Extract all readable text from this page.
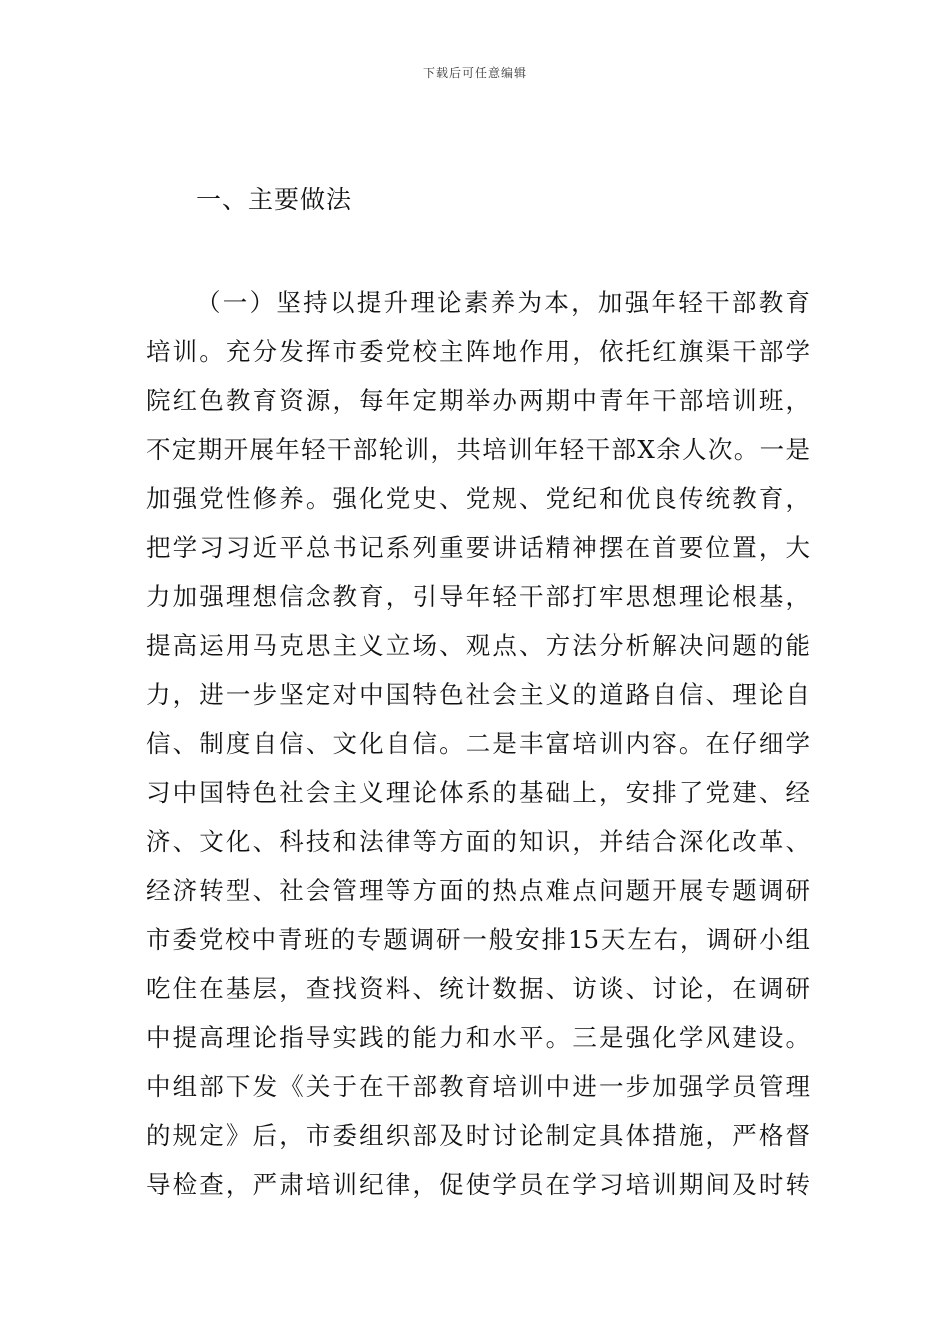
下载后可任意编辑
一、主要做法
（一）坚持以提升理论素养为本，加强年轻干部教育
培训。充分发挥市委党校主阵地作用，依托红旗渠干部学
院红色教育资源，每年定期举办两期中青年干部培训班，
不定期开展年轻干部轮训，共培训年轻干部X余人次。一是
加强党性修养。强化党史、党规、党纪和优良传统教育，
把学习习近平总书记系列重要讲话精神摆在首要位置，大
力加强理想信念教育，引导年轻干部打牢思想理论根基，
提高运用马克思主义立场、观点、方法分析解决问题的能
力，进一步坚定对中国特色社会主义的道路自信、理论自
信、制度自信、文化自信。二是丰富培训内容。在仔细学
习中国特色社会主义理论体系的基础上，安排了党建、经
济、文化、科技和法律等方面的知识，并结合深化改革、
经济转型、社会管理等方面的热点难点问题开展专题调研
市委党校中青班的专题调研一般安排15天左右，调研小组
吃住在基层，查找资料、统计数据、访谈、讨论，在调研
中提高理论指导实践的能力和水平。三是强化学风建设。
中组部下发《关于在干部教育培训中进一步加强学员管理
的规定》后，市委组织部及时讨论制定具体措施，严格督
导检查，严肃培训纪律，促使学员在学习培训期间及时转
